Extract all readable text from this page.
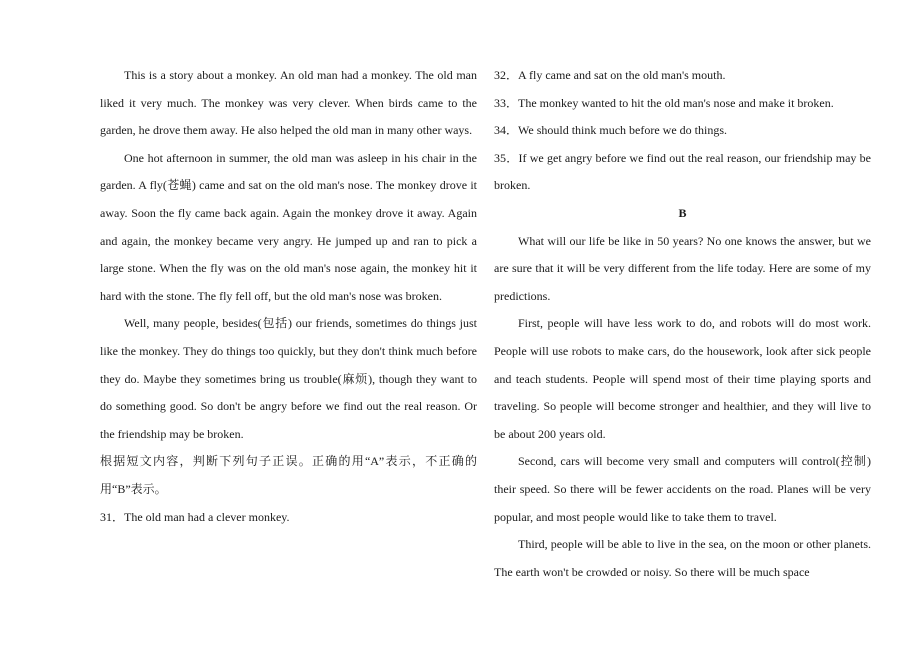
This is a story about a monkey. An old man had a monkey. The old man liked it very much. The monkey was very clever. When birds came to the garden, he drove them away. He also helped the old man in many other ways.

One hot afternoon in summer, the old man was asleep in his chair in the garden. A fly(苍蝇) came and sat on the old man's nose. The monkey drove it away. Soon the fly came back again. Again the monkey drove it away. Again and again, the monkey became very angry. He jumped up and ran to pick a large stone. When the fly was on the old man's nose again, the monkey hit it hard with the stone. The fly fell off, but the old man's nose was broken.

Well, many people, besides(包括) our friends, sometimes do things just like the monkey. They do things too quickly, but they don't think much before they do. Maybe they sometimes bring us trouble(麻烦), though they want to do something good. So don't be angry before we find out the real reason. Or the friendship may be broken.

根据短文内容，判断下列句子正误。正确的用“A”表示，不正确的用“B”表示。

31．The old man had a clever monkey.

32．A fly came and sat on the old man's mouth.

33．The monkey wanted to hit the old man's nose and make it broken.

34．We should think much before we do things.

35．If we get angry before we find out the real reason, our friendship may be broken.

B

What will our life be like in 50 years? No one knows the answer, but we are sure that it will be very different from the life today. Here are some of my predictions.

First, people will have less work to do, and robots will do most work. People will use robots to make cars, do the housework, look after sick people and teach students. People will spend most of their time playing sports and traveling. So people will become stronger and healthier, and they will live to be about 200 years old.

Second, cars will become very small and computers will control(控制) their speed. So there will be fewer accidents on the road. Planes will be very popular, and most people would like to take them to travel.

Third, people will be able to live in the sea, on the moon or other planets. The earth won't be crowded or noisy. So there will be much space
